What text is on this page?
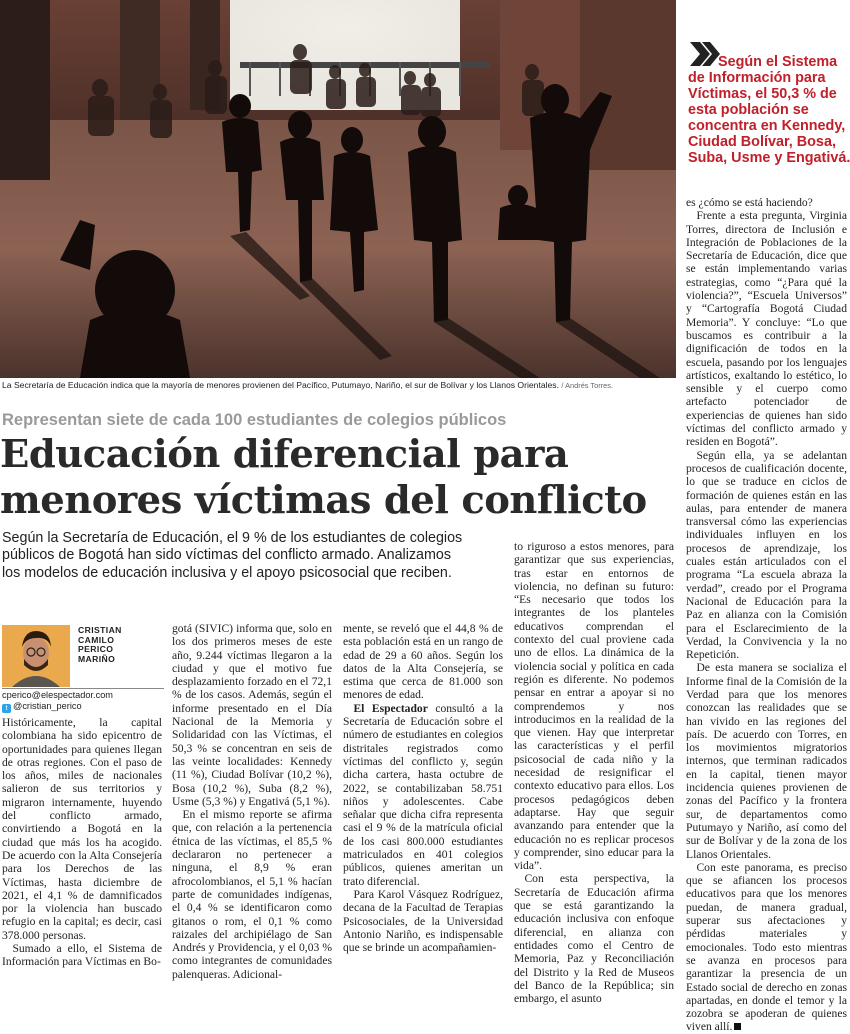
La Secretaría de Educación indica que la mayoría de menores provienen del Pacífico, Putumayo, Nariño, el sur de Bolívar y los Llanos Orientales. / Andrés Torres.
Según el Sistema
de Información para
Víctimas, el 50,3 % de
esta población se
concentra en Kennedy,
Ciudad Bolívar, Bosa,
Suba, Usme y Engativá.
Representan siete de cada 100 estudiantes de colegios públicos
Educación diferencial para
menores víctimas del conflicto
Según la Secretaría de Educación, el 9 % de los estudiantes de colegios
públicos de Bogotá han sido víctimas del conflicto armado. Analizamos
los modelos de educación inclusiva y el apoyo psicosocial que reciben.
CRISTIAN
CAMILO
PERICO
MARIÑO
cperico@elespectador.com
t @cristian_perico

Históricamente, la capital colombiana ha sido epicentro de oportunidades para quienes llegan de otras regiones. Con el paso de los años, miles de nacionales salieron de sus territorios y migraron internamente, huyendo del conflicto armado, convirtiendo a Bogotá en la ciudad que más los ha acogido. De acuerdo con la Alta Consejería para los Derechos de las Víctimas, hasta diciembre de 2021, el 4,1 % de damnificados por la violencia han buscado refugio en la capital; es decir, casi 378.000 personas.

Sumado a ello, el Sistema de Información para Víctimas en Bo-

gotá (SIVIC) informa que, solo en los dos primeros meses de este año, 9.244 víctimas llegaron a la ciudad y que el motivo fue desplazamiento forzado en el 72,1 % de los casos. Además, según el informe presentado en el Día Nacional de la Memoria y Solidaridad con las Víctimas, el 50,3 % se concentran en seis de las veinte localidades: Kennedy (11 %), Ciudad Bolívar (10,2 %), Bosa (10,2 %), Suba (8,2 %), Usme (5,3 %) y Engativá (5,1 %).

En el mismo reporte se afirma que, con relación a la pertenencia étnica de las víctimas, el 85,5 % declararon no pertenecer a ninguna, el 8,9 % eran afrocolombianos, el 5,1 % hacían parte de comunidades indígenas, el 0,4 % se identificaron como gitanos o rom, el 0,1 % como raizales del archipiélago de San Andrés y Providencia, y el 0,03 % como integrantes de comunidades palenqueras. Adicional-

mente, se reveló que el 44,8 % de esta población está en un rango de edad de 29 a 60 años. Según los datos de la Alta Consejería, se estima que cerca de 81.000 son menores de edad.

El Espectador consultó a la Secretaría de Educación sobre el número de estudiantes en colegios distritales registrados como víctimas del conflicto y, según dicha cartera, hasta octubre de 2022, se contabilizaban 58.751 niños y adolescentes. Cabe señalar que dicha cifra representa casi el 9 % de la matrícula oficial de los casi 800.000 estudiantes matriculados en 401 colegios públicos, quienes ameritan un trato diferencial.

Para Karol Vásquez Rodríguez, decana de la Facultad de Terapias Psicosociales, de la Universidad Antonio Nariño, es indispensable que se brinde un acompañamien-

to riguroso a estos menores, para garantizar que sus experiencias, tras estar en entornos de violencia, no definan su futuro: “Es necesario que todos los integrantes de los planteles educativos comprendan el contexto del cual proviene cada uno de ellos. La dinámica de la violencia social y política en cada región es diferente. No podemos pensar en entrar a apoyar si no comprendemos y nos introducimos en la realidad de la que vienen. Hay que interpretar las características y el perfil psicosocial de cada niño y la necesidad de resignificar el contexto educativo para ellos. Los procesos pedagógicos deben adaptarse. Hay que seguir avanzando para entender que la educación no es replicar procesos y comprender, sino educar para la vida”.

Con esta perspectiva, la Secretaría de Educación afirma que se está garantizando la educación inclusiva con enfoque diferencial, en alianza con entidades como el Centro de Memoria, Paz y Reconciliación del Distrito y la Red de Museos del Banco de la República; sin embargo, el asunto

es ¿cómo se está haciendo?

Frente a esta pregunta, Virginia Torres, directora de Inclusión e Integración de Poblaciones de la Secretaría de Educación, dice que se están implementando varias estrategias, como “¿Para qué la violencia?”, “Escuela Universos” y “Cartografía Bogotá Ciudad Memoria”. Y concluye: “Lo que buscamos es contribuir a la dignificación de todos en la escuela, pasando por los lenguajes artísticos, exaltando lo estético, lo sensible y el cuerpo como artefacto potenciador de experiencias de quienes han sido víctimas del conflicto armado y residen en Bogotá”.

Según ella, ya se adelantan procesos de cualificación docente, lo que se traduce en ciclos de formación de quienes están en las aulas, para entender de manera transversal cómo las experiencias individuales influyen en los procesos de aprendizaje, los cuales están articulados con el programa “La escuela abraza la verdad”, creado por el Programa Nacional de Educación para la Paz en alianza con la Comisión para el Esclarecimiento de la Verdad, la Convivencia y la no Repetición.

De esta manera se socializa el Informe final de la Comisión de la Verdad para que los menores conozcan las realidades que se han vivido en las regiones del país. De acuerdo con Torres, en los movimientos migratorios internos, que terminan radicados en la capital, tienen mayor incidencia quienes provienen de zonas del Pacífico y la frontera sur, de departamentos como Putumayo y Nariño, así como del sur de Bolívar y de la zona de los Llanos Orientales.

Con este panorama, es preciso que se afiancen los procesos educativos para que los menores puedan, de manera gradual, superar sus afectaciones y pérdidas materiales y emocionales. Todo esto mientras se avanza en procesos para garantizar la presencia de un Estado social de derecho en zonas apartadas, en donde el temor y la zozobra se apoderan de quienes viven allí.
